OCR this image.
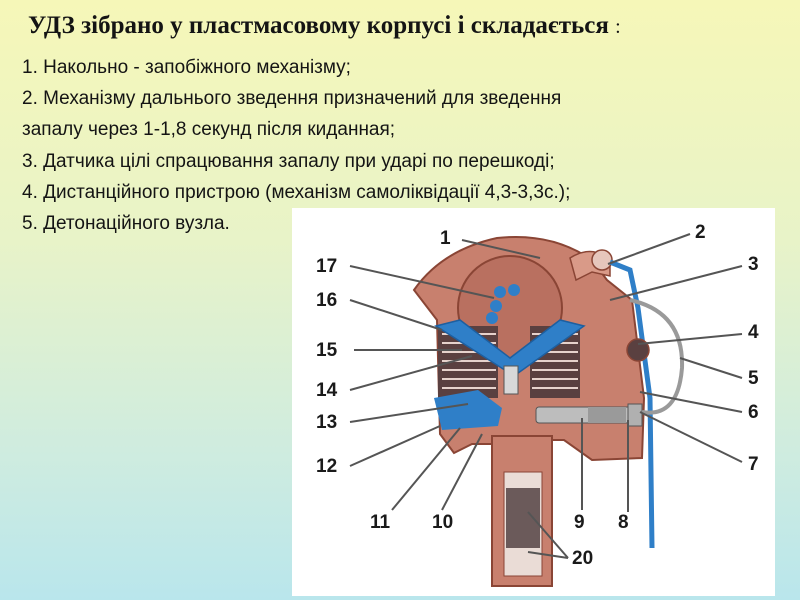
УДЗ зібрано у пластмасовому корпусі і складається :
1. Накольно - запобіжного механізму;
2. Механізму дальнього зведення призначений для зведення
запалу через 1-1,8 секунд після киданная;
3. Датчика цілі спрацювання запалу при ударі по перешкоді;
4. Дистанційного пристрою (механізм самоліквідації 4,3-3,3с.);
5. Детонаційного вузла.
1	2
3
4
5
6
7
8
9
10
11
12
13
14
15
16
17
20
